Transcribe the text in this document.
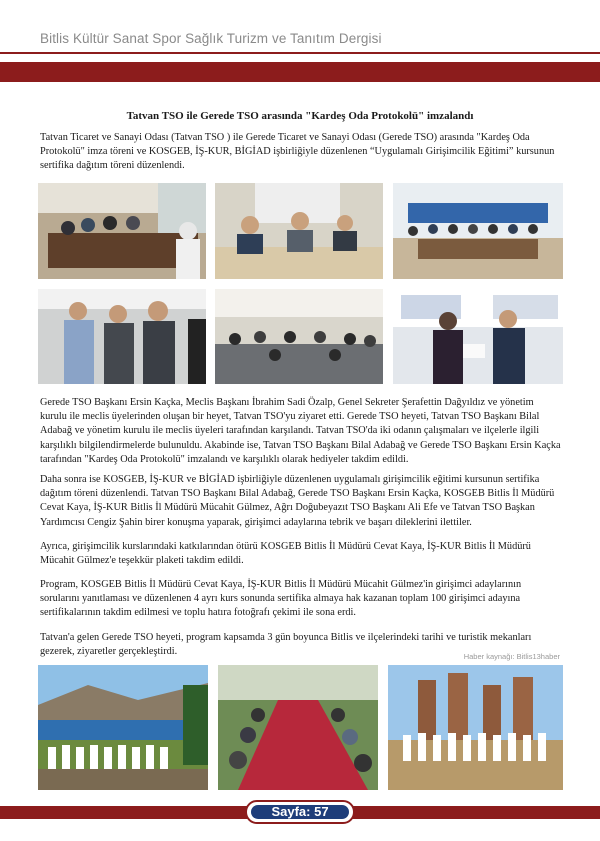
Bitlis Kültür Sanat Spor Sağlık Turizm ve Tanıtım Dergisi
Tatvan TSO ile Gerede TSO arasında "Kardeş Oda Protokolü" imzalandı

Tatvan Ticaret ve Sanayi Odası (Tatvan TSO ) ile Gerede Ticaret ve Sanayi Odası (Gerede TSO) arasında "Kardeş Oda Protokolü" imza töreni ve KOSGEB, İŞ-KUR, BİGİAD işbirliğiyle düzenlenen “Uygulamalı Girişimcilik Eğitimi” kursunun sertifika dağıtım töreni düzenlendi.

Gerede TSO Başkanı Ersin Kaçka, Meclis Başkanı İbrahim Sadi Özalp, Genel Sekreter Şerafettin Dağyıldız ve yönetim kurulu ile meclis üyelerinden oluşan bir heyet, Tatvan TSO'yu ziyaret etti. Gerede TSO heyeti, Tatvan TSO Başkanı Bilal Adabağ ve yönetim kurulu ile meclis üyeleri tarafından karşılandı. Tatvan TSO'da iki odanın çalışmaları ve ilçelerle ilgili karşılıklı bilgilendirmelerde bulunuldu. Akabinde ise, Tatvan TSO Başkanı Bilal Adabağ ve Gerede TSO Başkanı Ersin Kaçka tarafından "Kardeş Oda Protokolü" imzalandı ve karşılıklı olarak hediyeler takdim edildi.

Daha sonra ise KOSGEB, İŞ-KUR ve BİGİAD işbirliğiyle düzenlenen uygulamalı girişimcilik eğitimi kursunun sertifika dağıtım töreni düzenlendi. Tatvan TSO Başkanı Bilal Adabağ, Gerede TSO Başkanı Ersin Kaçka, KOSGEB Bitlis İl Müdürü Cevat Kaya, İŞ-KUR Bitlis İl Müdürü Mücahit Gülmez, Ağrı Doğubeyazıt TSO Başkanı Ali Efe ve Tatvan TSO Başkan Yardımcısı Cengiz Şahin birer konuşma yaparak, girişimci adaylarına tebrik ve başarı dileklerini ilettiler.

Ayrıca, girişimcilik kurslarındaki katkılarından ötürü KOSGEB Bitlis İl Müdürü Cevat Kaya, İŞ-KUR Bitlis İl Müdürü Mücahit Gülmez'e teşekkür plaketi takdim edildi.

Program, KOSGEB Bitlis İl Müdürü Cevat Kaya, İŞ-KUR Bitlis İl Müdürü Mücahit Gülmez'in girişimci adaylarının sorularını yanıtlaması ve düzenlenen 4 ayrı kurs sonunda sertifika almaya hak kazanan toplam 100 girişimci adayına sertifikalarının takdim edilmesi ve toplu hatıra fotoğrafı çekimi ile sona erdi.

Tatvan'a gelen Gerede TSO heyeti, program kapsamda 3 gün boyunca Bitlis ve ilçelerindeki tarihi ve turistik mekanları gezerek, ziyaretler gerçekleştirdi.	Haber kaynağı: Bitlis13haber
Sayfa: 57
